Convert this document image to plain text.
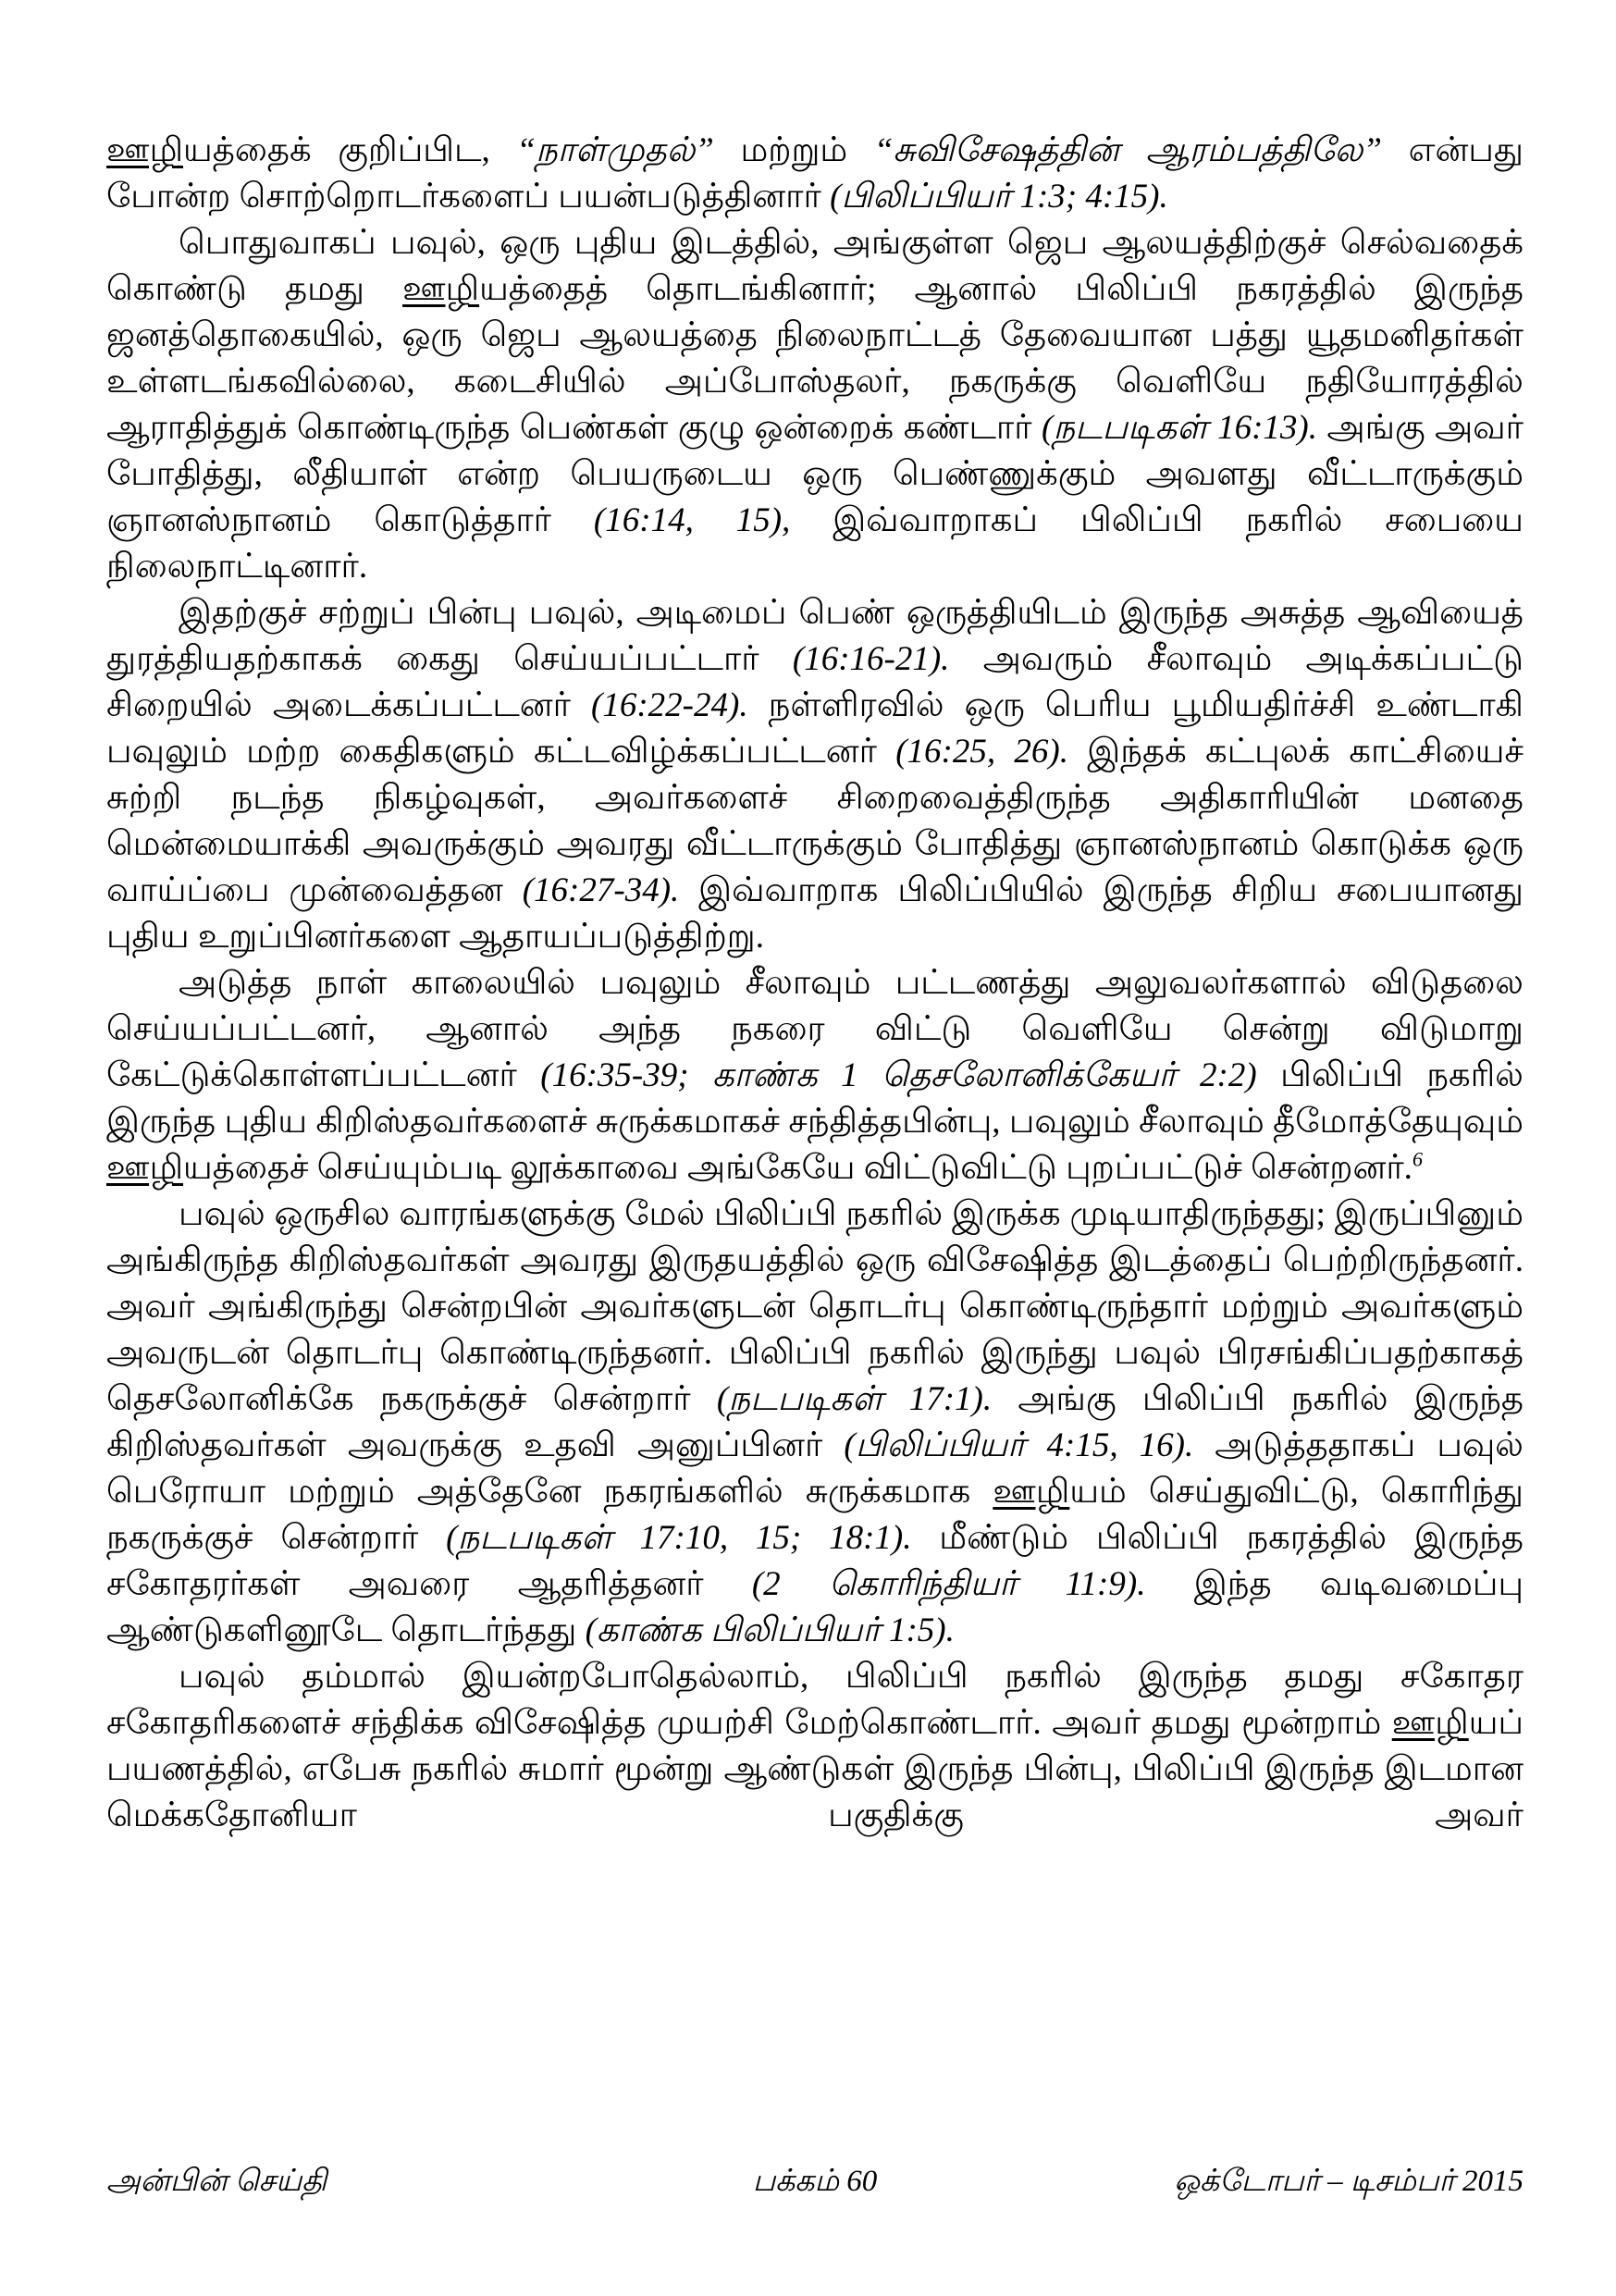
ஊழியத்தைக் குறிப்பிட, “நாள்முதல்” மற்றும் “சுவிசேஷத்தின் ஆரம்பத்திலே” என்பது போன்ற சொற்றொடர்களைப் பயன்படுத்தினார் (பிலிப்பியர் 1:3; 4:15).

பொதுவாகப் பவுல், ஒரு புதிய இடத்தில், அங்குள்ள ஜெப ஆலயத்திற்குச் செல்வதைக் கொண்டு தமது ஊழியத்தைத் தொடங்கினார்; ஆனால் பிலிப்பி நகரத்தில் இருந்த ஜனத்தொகையில், ஒரு ஜெப ஆலயத்தை நிலைநாட்டத் தேவையான பத்து யூதமனிதர்கள் உள்ளடங்கவில்லை, கடைசியில் அப்போஸ்தலர், நகருக்கு வெளியே நதியோரத்தில் ஆராதித்துக் கொண்டிருந்த பெண்கள் குழு ஒன்றைக் கண்டார் (நடபடிகள் 16:13). அங்கு அவர் போதித்து, லீதியாள் என்ற பெயருடைய ஒரு பெண்ணுக்கும் அவளது வீட்டாருக்கும் ஞானஸ்நானம் கொடுத்தார் (16:14, 15), இவ்வாறாகப் பிலிப்பி நகரில் சபையை நிலைநாட்டினார்.

இதற்குச் சற்றுப் பின்பு பவுல், அடிமைப் பெண் ஒருத்தியிடம் இருந்த அசுத்த ஆவியைத் துரத்தியதற்காகக் கைது செய்யப்பட்டார் (16:16-21). அவரும் சீலாவும் அடிக்கப்பட்டு சிறையில் அடைக்கப்பட்டனர் (16:22-24). நள்ளிரவில் ஒரு பெரிய பூமியதிர்ச்சி உண்டாகி பவுலும் மற்ற கைதிகளும் கட்டவிழ்க்கப்பட்டனர் (16:25, 26). இந்தக் கட்புலக் காட்சியைச் சுற்றி நடந்த நிகழ்வுகள், அவர்களைச் சிறைவைத்திருந்த அதிகாரியின் மனதை மென்மையாக்கி அவருக்கும் அவரது வீட்டாருக்கும் போதித்து ஞானஸ்நானம் கொடுக்க ஒரு வாய்ப்பை முன்வைத்தன (16:27-34). இவ்வாறாக பிலிப்பியில் இருந்த சிறிய சபையானது புதிய உறுப்பினர்களை ஆதாயப்படுத்திற்று.

அடுத்த நாள் காலையில் பவுலும் சீலாவும் பட்டணத்து அலுவலர்களால் விடுதலை செய்யப்பட்டனர், ஆனால் அந்த நகரை விட்டு வெளியே சென்று விடுமாறு கேட்டுக்கொள்ளப்பட்டனர் (16:35-39; காண்க 1 தெசலோனிக்கேயர் 2:2) பிலிப்பி நகரில் இருந்த புதிய கிறிஸ்தவர்களைச் சுருக்கமாகச் சந்தித்தபின்பு, பவுலும் சீலாவும் தீமோத்தேயுவும் ஊழியத்தைச் செய்யும்படி லூக்காவை அங்கேயே விட்டுவிட்டு புறப்பட்டுச் சென்றனர்.$^6$

பவுல் ஒருசில வாரங்களுக்கு மேல் பிலிப்பி நகரில் இருக்க முடியாதிருந்தது; இருப்பினும் அங்கிருந்த கிறிஸ்தவர்கள் அவரது இருதயத்தில் ஒரு விசேஷித்த இடத்தைப் பெற்றிருந்தனர். அவர் அங்கிருந்து சென்றபின் அவர்களுடன் தொடர்பு கொண்டிருந்தார் மற்றும் அவர்களும் அவருடன் தொடர்பு கொண்டிருந்தனர். பிலிப்பி நகரில் இருந்து பவுல் பிரசங்கிப்பதற்காகத் தெசலோனிக்கே நகருக்குச் சென்றார் (நடபடிகள் 17:1). அங்கு பிலிப்பி நகரில் இருந்த கிறிஸ்தவர்கள் அவருக்கு உதவி அனுப்பினர் (பிலிப்பியர் 4:15, 16). அடுத்ததாகப் பவுல் பெரோயா மற்றும் அத்தேனே நகரங்களில் சுருக்கமாக ஊழியம் செய்துவிட்டு, கொரிந்து நகருக்குச் சென்றார் (நடபடிகள் 17:10, 15; 18:1). மீண்டும் பிலிப்பி நகரத்தில் இருந்த சகோதரர்கள் அவரை ஆதரித்தனர் (2 கொரிந்தியர் 11:9). இந்த வடிவமைப்பு ஆண்டுகளினூடே தொடர்ந்தது (காண்க பிலிப்பியர் 1:5).

பவுல் தம்மால் இயன்றபோதெல்லாம், பிலிப்பி நகரில் இருந்த தமது சகோதர சகோதரிகளைச் சந்திக்க விசேஷித்த முயற்சி மேற்கொண்டார். அவர் தமது மூன்றாம் ஊழியப் பயணத்தில், எபேசு நகரில் சுமார் மூன்று ஆண்டுகள் இருந்த பின்பு, பிலிப்பி இருந்த இடமான மெக்கதோனியா பகுதிக்கு அவர்

அன்பின் செய்தி	பக்கம் 60	ஒக்டோபர் – டிசம்பர் 2015
